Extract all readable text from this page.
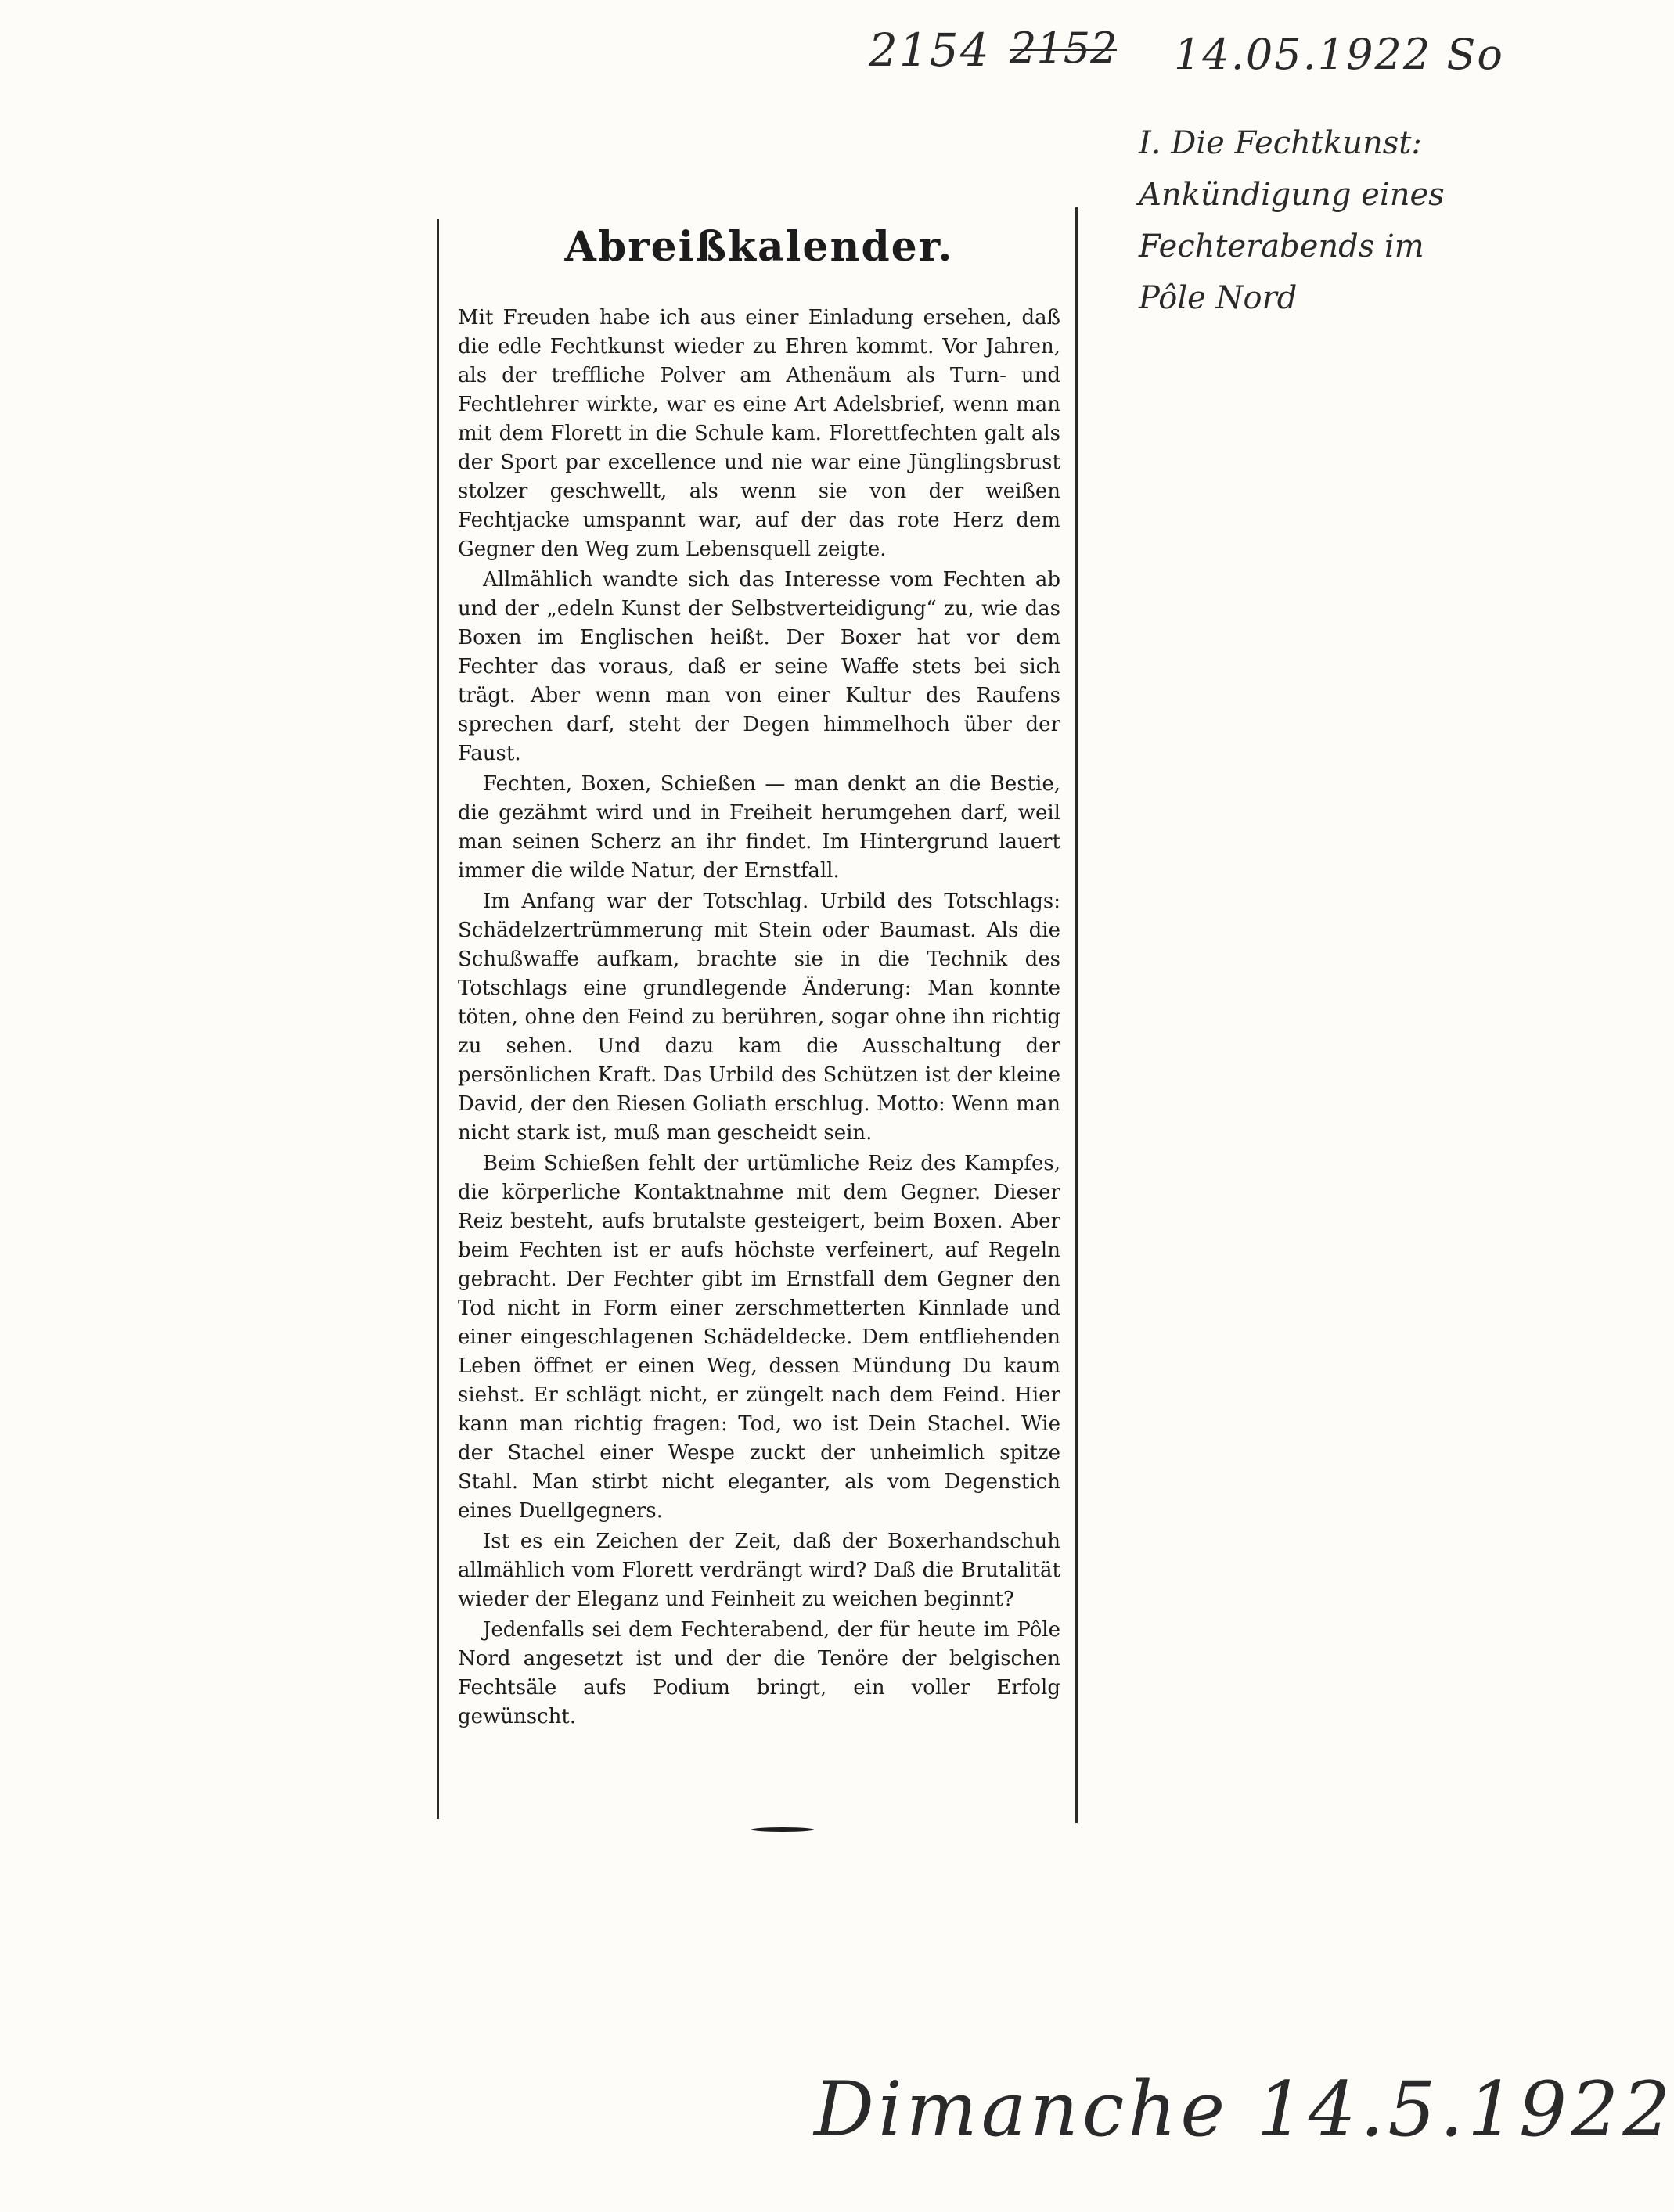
2154 2152 14.05.1922 So
I. Die Fechtkunst:
Ankündigung eines
Fechterabends im
Pôle Nord
Abreißkalender.

Mit Freuden habe ich aus einer Einladung ersehen, daß die edle Fechtkunst wieder zu Ehren kommt. Vor Jahren, als der treffliche Polver am Athenäum als Turn- und Fechtlehrer wirkte, war es eine Art Adelsbrief, wenn man mit dem Florett in die Schule kam. Florettfechten galt als der Sport par excellence und nie war eine Jünglingsbrust stolzer geschwellt, als wenn sie von der weißen Fechtjacke umspannt war, auf der das rote Herz dem Gegner den Weg zum Lebensquell zeigte.

Allmählich wandte sich das Interesse vom Fechten ab und der „edeln Kunst der Selbstverteidigung“ zu, wie das Boxen im Englischen heißt. Der Boxer hat vor dem Fechter das voraus, daß er seine Waffe stets bei sich trägt. Aber wenn man von einer Kultur des Raufens sprechen darf, steht der Degen himmelhoch über der Faust.

Fechten, Boxen, Schießen — man denkt an die Bestie, die gezähmt wird und in Freiheit herumgehen darf, weil man seinen Scherz an ihr findet. Im Hintergrund lauert immer die wilde Natur, der Ernstfall.

Im Anfang war der Totschlag. Urbild des Totschlags: Schädelzertrümmerung mit Stein oder Baumast. Als die Schußwaffe aufkam, brachte sie in die Technik des Totschlags eine grundlegende Änderung: Man konnte töten, ohne den Feind zu berühren, sogar ohne ihn richtig zu sehen. Und dazu kam die Ausschaltung der persönlichen Kraft. Das Urbild des Schützen ist der kleine David, der den Riesen Goliath erschlug. Motto: Wenn man nicht stark ist, muß man gescheidt sein.

Beim Schießen fehlt der urtümliche Reiz des Kampfes, die körperliche Kontaktnahme mit dem Gegner. Dieser Reiz besteht, aufs brutalste gesteigert, beim Boxen. Aber beim Fechten ist er aufs höchste verfeinert, auf Regeln gebracht. Der Fechter gibt im Ernstfall dem Gegner den Tod nicht in Form einer zerschmetterten Kinnlade und einer eingeschlagenen Schädeldecke. Dem entfliehenden Leben öffnet er einen Weg, dessen Mündung Du kaum siehst. Er schlägt nicht, er züngelt nach dem Feind. Hier kann man richtig fragen: Tod, wo ist Dein Stachel. Wie der Stachel einer Wespe zuckt der unheimlich spitze Stahl. Man stirbt nicht eleganter, als vom Degenstich eines Duellgegners.

Ist es ein Zeichen der Zeit, daß der Boxerhandschuh allmählich vom Florett verdrängt wird? Daß die Brutalität wieder der Eleganz und Feinheit zu weichen beginnt?

Jedenfalls sei dem Fechterabend, der für heute im Pôle Nord angesetzt ist und der die Tenöre der belgischen Fechtsäle aufs Podium bringt, ein voller Erfolg gewünscht.

Dimanche 14.5.1922
